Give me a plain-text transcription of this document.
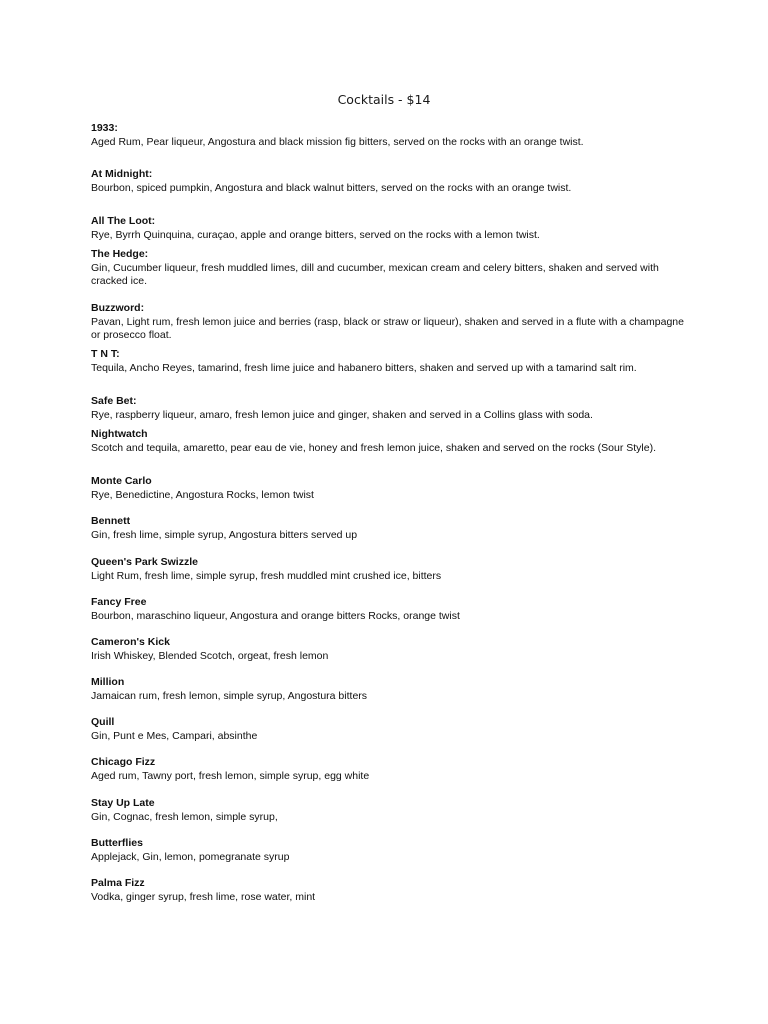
Cocktails - $14
1933:
Aged Rum, Pear liqueur, Angostura and black mission fig bitters, served on the rocks with an orange twist.
At Midnight:
Bourbon, spiced pumpkin, Angostura and black walnut bitters, served on the rocks with an orange twist.
All The Loot:
Rye, Byrrh Quinquina, curaçao, apple and orange bitters, served on the rocks with a lemon twist.
The Hedge:
Gin, Cucumber liqueur, fresh muddled limes, dill and cucumber, mexican cream and celery bitters, shaken and served with cracked ice.
Buzzword:
Pavan, Light rum, fresh lemon juice and berries (rasp, black or straw or liqueur), shaken and served in a flute with a champagne or prosecco float.
T N T:
Tequila, Ancho Reyes, tamarind, fresh lime juice and habanero bitters, shaken and served up with a tamarind salt rim.
Safe Bet:
Rye, raspberry liqueur, amaro, fresh lemon juice and ginger, shaken and served in a Collins glass with soda.
Nightwatch
Scotch and tequila, amaretto, pear eau de vie, honey and fresh lemon juice, shaken and served on the rocks (Sour Style).
Monte Carlo
Rye, Benedictine, Angostura Rocks, lemon twist
Bennett
Gin, fresh lime, simple syrup, Angostura bitters served up
Queen's Park Swizzle
Light Rum, fresh lime, simple syrup, fresh muddled mint crushed ice, bitters
Fancy Free
Bourbon, maraschino liqueur, Angostura and orange bitters Rocks, orange twist
Cameron's Kick
Irish Whiskey, Blended Scotch, orgeat, fresh lemon
Million
Jamaican rum, fresh lemon, simple syrup, Angostura bitters
Quill
Gin, Punt e Mes, Campari, absinthe
Chicago Fizz
Aged rum, Tawny port, fresh lemon, simple syrup, egg white
Stay Up Late
Gin, Cognac, fresh lemon, simple syrup,
Butterflies
Applejack, Gin, lemon, pomegranate syrup
Palma Fizz
Vodka, ginger syrup, fresh lime, rose water, mint
